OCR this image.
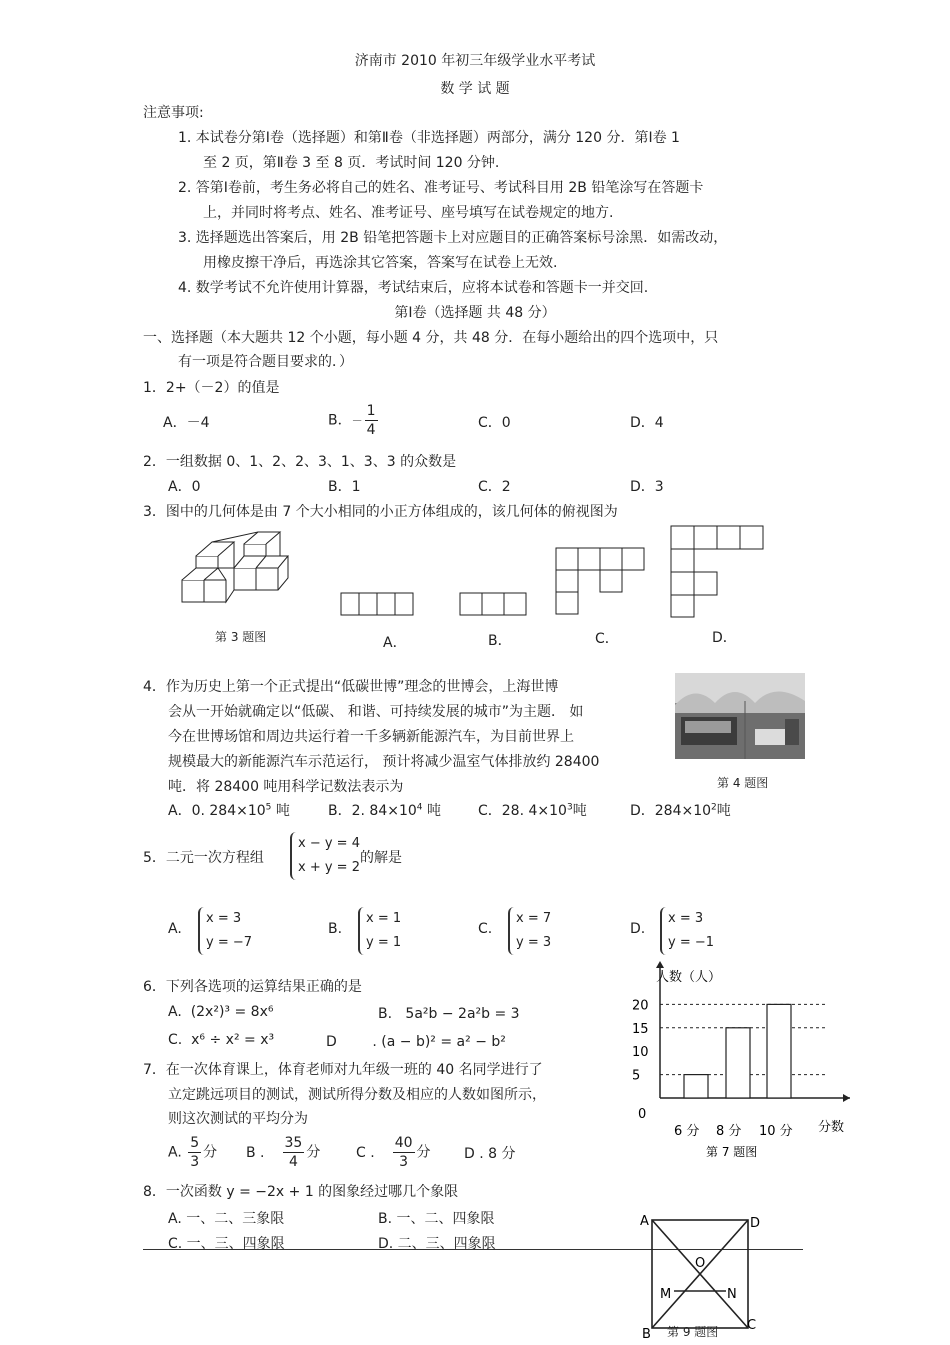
济南市 2010 年初三年级学业水平考试
数 学 试 题
注意事项:
1. 本试卷分第Ⅰ卷（选择题）和第Ⅱ卷（非选择题）两部分，满分 120 分．第Ⅰ卷 1
至 2 页，第Ⅱ卷 3 至 8 页．考试时间 120 分钟.
2. 答第Ⅰ卷前，考生务必将自己的姓名、准考证号、考试科目用 2B 铅笔涂写在答题卡
上，并同时将考点、姓名、准考证号、座号填写在试卷规定的地方.
3. 选择题选出答案后，用 2B 铅笔把答题卡上对应题目的正确答案标号涂黑．如需改动，
用橡皮擦干净后，再选涂其它答案，答案写在试卷上无效.
4. 数学考试不允许使用计算器，考试结束后，应将本试卷和答题卡一并交回.
第Ⅰ卷（选择题 共 48 分）
一、选择题（本大题共 12 个小题，每小题 4 分，共 48 分．在每小题给出的四个选项中，只
有一项是符合题目要求的．）
1．2+（－2）的值是
A．－4	B．－ $\frac{1}{4}$	C．0	D．4
2．一组数据 0、1、2、2、3、1、3、3 的众数是
A．0	B．1	C．2	D．3
3．图中的几何体是由 7 个大小相同的小正方体组成的，该几何体的俯视图为
第 3 题图	A．	B．	C．	D．
4．作为历史上第一个正式提出“低碳世博”理念的世博会，上海世博
会从一开始就确定以“低碳、 和谐、可持续发展的城市”为主题． 如
今在世博场馆和周边共运行着一千多辆新能源汽车，为目前世界上
规模最大的新能源汽车示范运行， 预计将减少温室气体排放约 28400
吨．将 28400 吨用科学记数法表示为	第 4 题图
A．0. $284\times 10^5$ 吨	B．2. $84\times 10^4$ 吨	C．28. $4\times 10^3$吨	D．$284\times 10^2$吨
5．二元一次方程组
x − y = 4
x + y = 2
的解是
A.
x = 3
y = −7
B.
x = 1
y = 1
C.
x = 7
y = 3
D.
x = 3
y = −1
6．下列各选项的运算结果正确的是
A. (2x²)³ = 8x⁶	B. 5a²b − 2a²b = 3
C. x⁶ ÷ x² = x³	D	. (a − b)² = a² − b²
7．在一次体育课上，体育老师对九年级一班的 40 名同学进行了
立定跳远项目的测试，测试所得分数及相应的人数如图所示，
则这次测试的平均分为
A. $\frac{5}{3}$ 分 B . $\frac{35}{4}$ 分	C . $\frac{40}{3}$ 分 D . 8 分
人数（人）
分数
0
5
10
15
20
6 分 8 分 10 分
第 7 题图
8．一次函数 y = −2x + 1 的图象经过哪几个象限
A. 一、二、三象限	B. 一、二、四象限
C. 一、三、四象限	D. 二、三、四象限
A	D
O
M	N
B
C
第 9 题图
